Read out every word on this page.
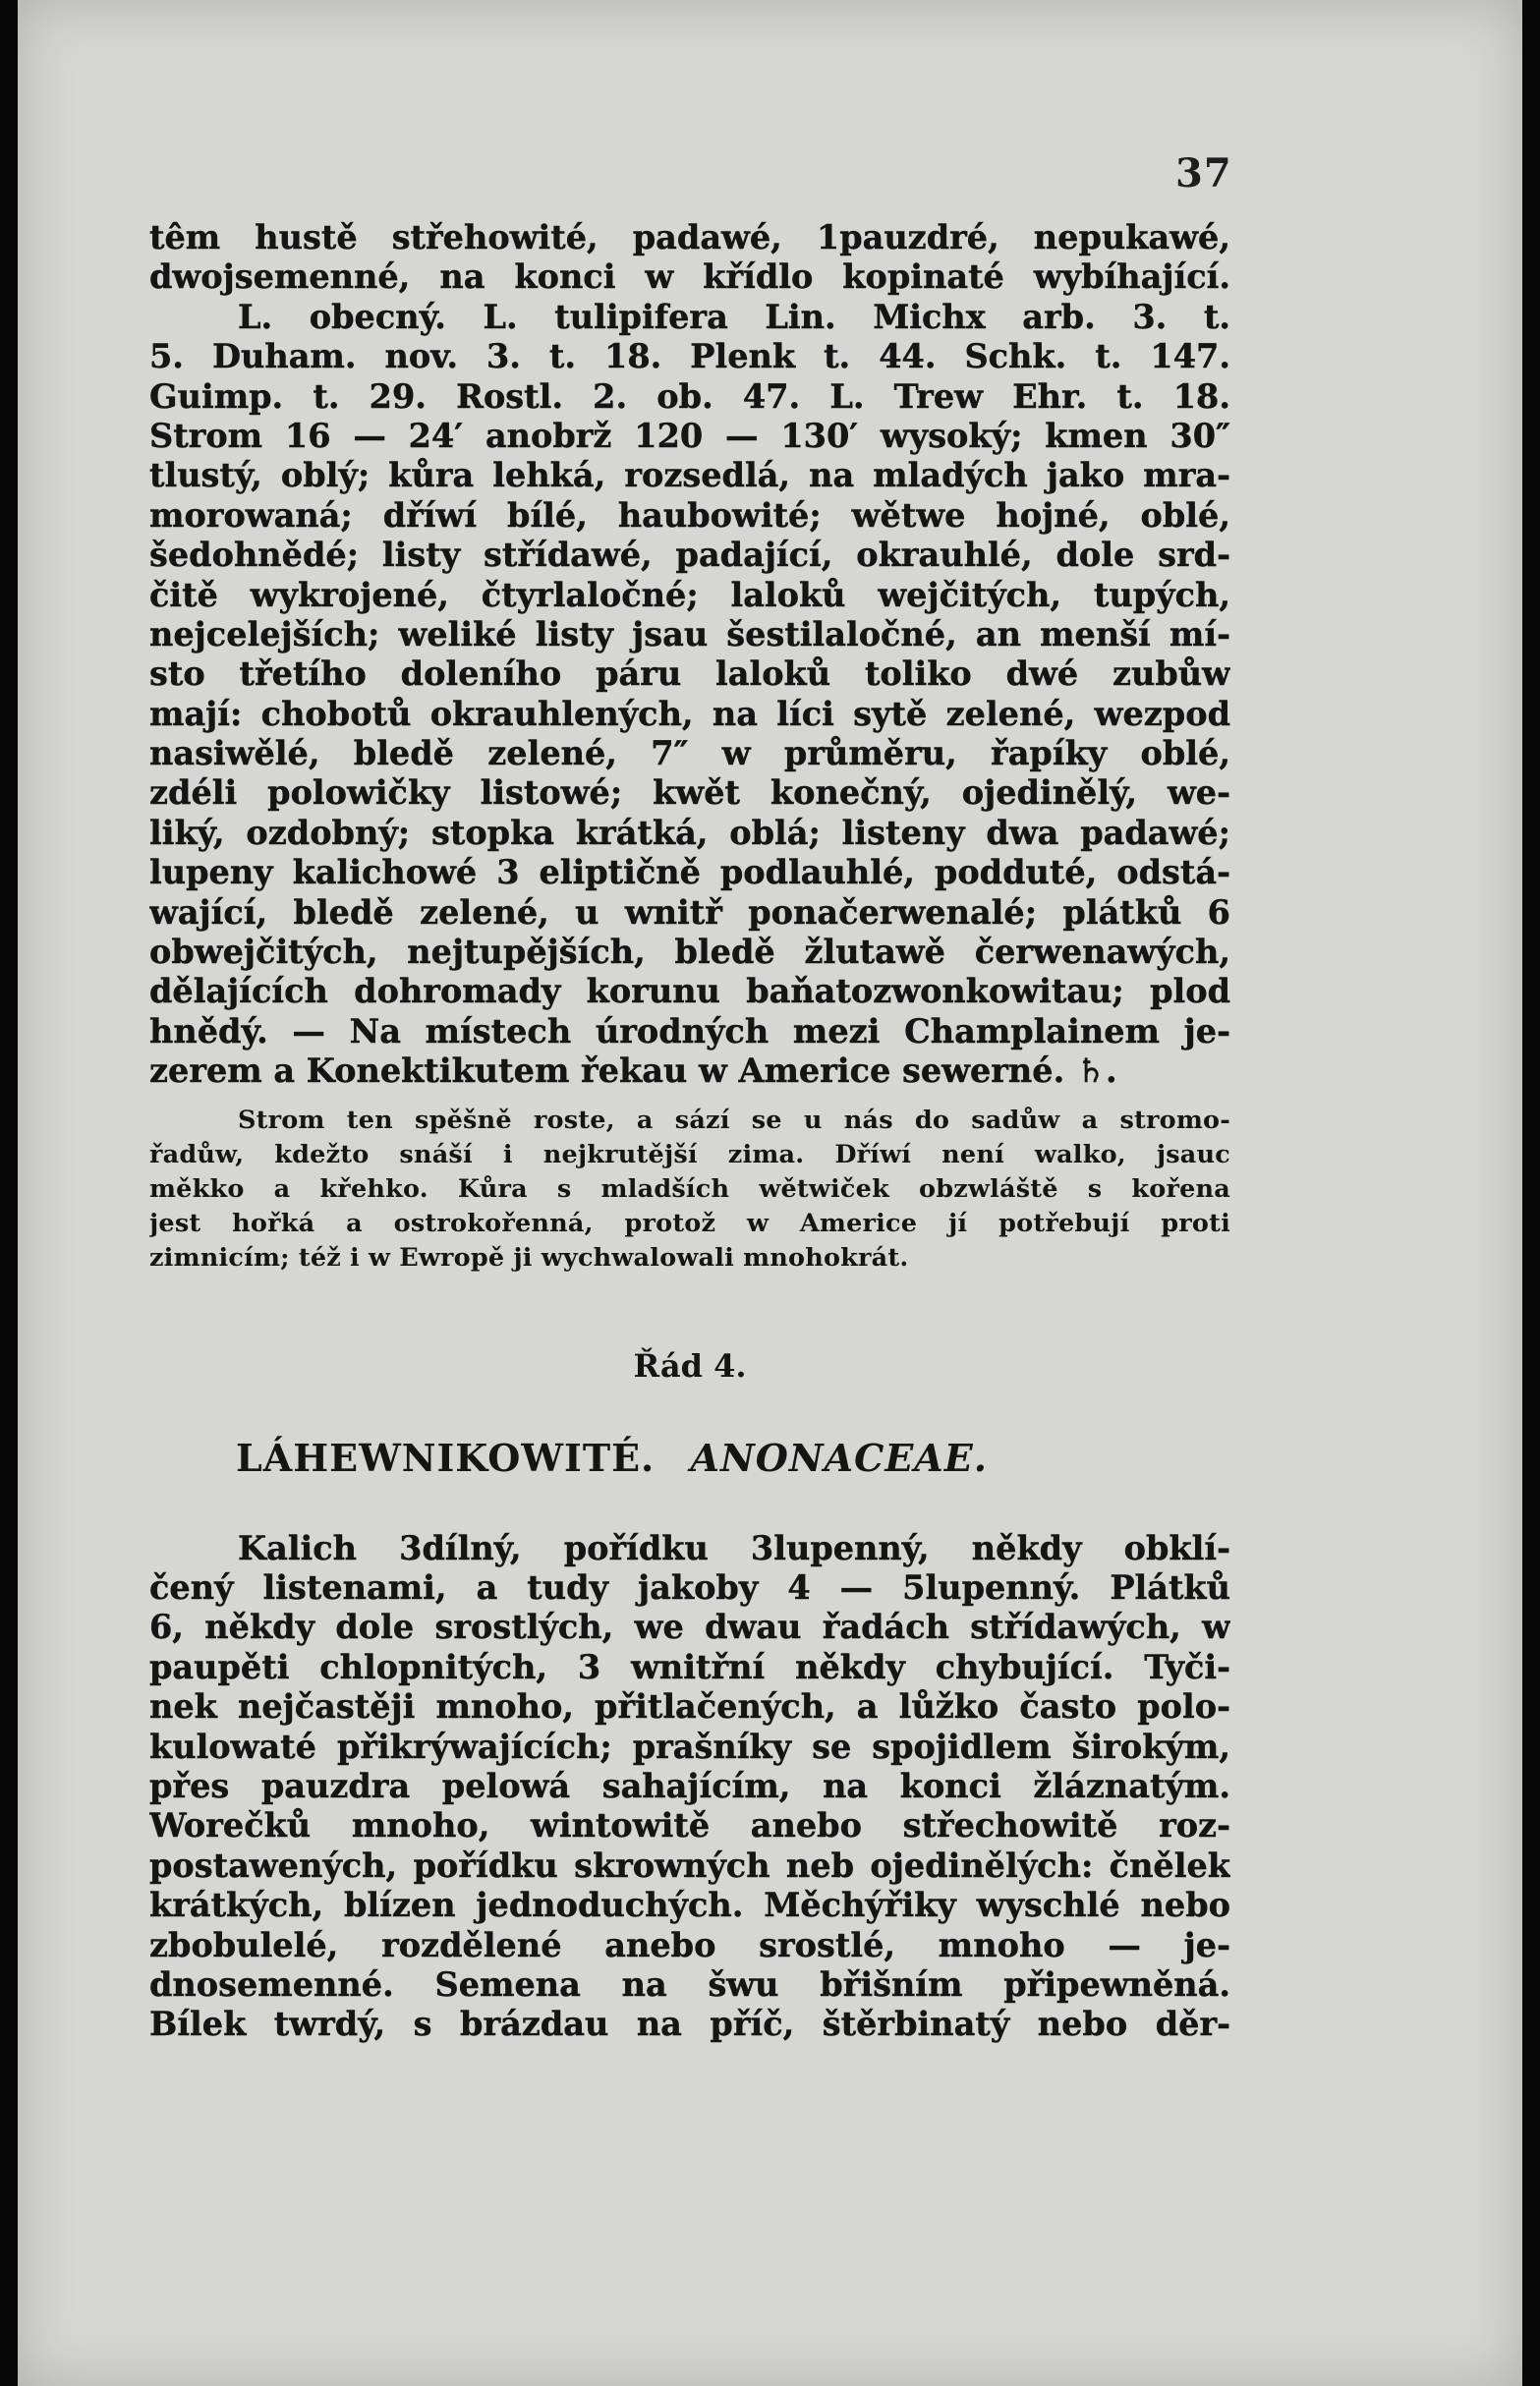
37
têm hustě střehowité, padawé, 1pauzdré, nepukawé,
dwojsemenné, na konci w křídlo kopinaté wybíhající.
L. obecný. L. tulipifera Lin. Michx arb. 3. t.
5. Duham. nov. 3. t. 18. Plenk t. 44. Schk. t. 147.
Guimp. t. 29. Rostl. 2. ob. 47. L. Trew Ehr. t. 18.
Strom 16 — 24′ anobrž 120 — 130′ wysoký; kmen 30″
tlustý, oblý; kůra lehká, rozsedlá, na mladých jako mra-
morowaná; dříwí bílé, haubowité; wětwe hojné, oblé,
šedohnědé; listy střídawé, padající, okrauhlé, dole srd-
čitě wykrojené, čtyrlaločné; laloků wejčitých, tupých,
nejcelejších; weliké listy jsau šestilaločné, an menší mí-
sto třetího doleního páru laloků toliko dwé zubůw
mají: chobotů okrauhlených, na líci sytě zelené, wezpod
nasiwělé, bledě zelené, 7″ w průměru, řapíky oblé,
zdéli polowičky listowé; kwět konečný, ojedinělý, we-
liký, ozdobný; stopka krátká, oblá; listeny dwa padawé;
lupeny kalichowé 3 eliptičně podlauhlé, podduté, odstá-
wající, bledě zelené, u wnitř ponačerwenalé; plátků 6
obwejčitých, nejtupějších, bledě žlutawě čerwenawých,
dělajících dohromady korunu baňatozwonkowitau; plod
hnědý. — Na místech úrodných mezi Champlainem je-
zerem a Konektikutem řekau w Americe sewerné. ♄.
Strom ten spěšně roste, a sází se u nás do sadůw a stromo-
řadůw, kdežto snáší i nejkrutější zima. Dříwí není walko, jsauc
měkko a křehko. Kůra s mladších wětwiček obzwláště s kořena
jest hořká a ostrokořenná, protož w Americe jí potřebují proti
zimnicím; též i w Ewropě ji wychwalowali mnohokrát.
Řád 4.
LÁHEWNIKOWITÉ. ANONACEAE.
Kalich 3dílný, pořídku 3lupenný, někdy obklí-
čený listenami, a tudy jakoby 4 — 5lupenný. Plátků
6, někdy dole srostlých, we dwau řadách střídawých, w
paupěti chlopnitých, 3 wnitřní někdy chybující. Tyči-
nek nejčastěji mnoho, přitlačených, a lůžko často polo-
kulowaté přikrýwajících; prašníky se spojidlem širokým,
přes pauzdra pelowá sahajícím, na konci žláznatým.
Worečků mnoho, wintowitě anebo střechowitě roz-
postawených, pořídku skrowných neb ojedinělých: čnělek
krátkých, blízen jednoduchých. Měchýřiky wyschlé nebo
zbobulelé, rozdělené anebo srostlé, mnoho — je-
dnosemenné. Semena na šwu břišním připewněná.
Bílek twrdý, s brázdau na příč, štěrbinatý nebo děr-
